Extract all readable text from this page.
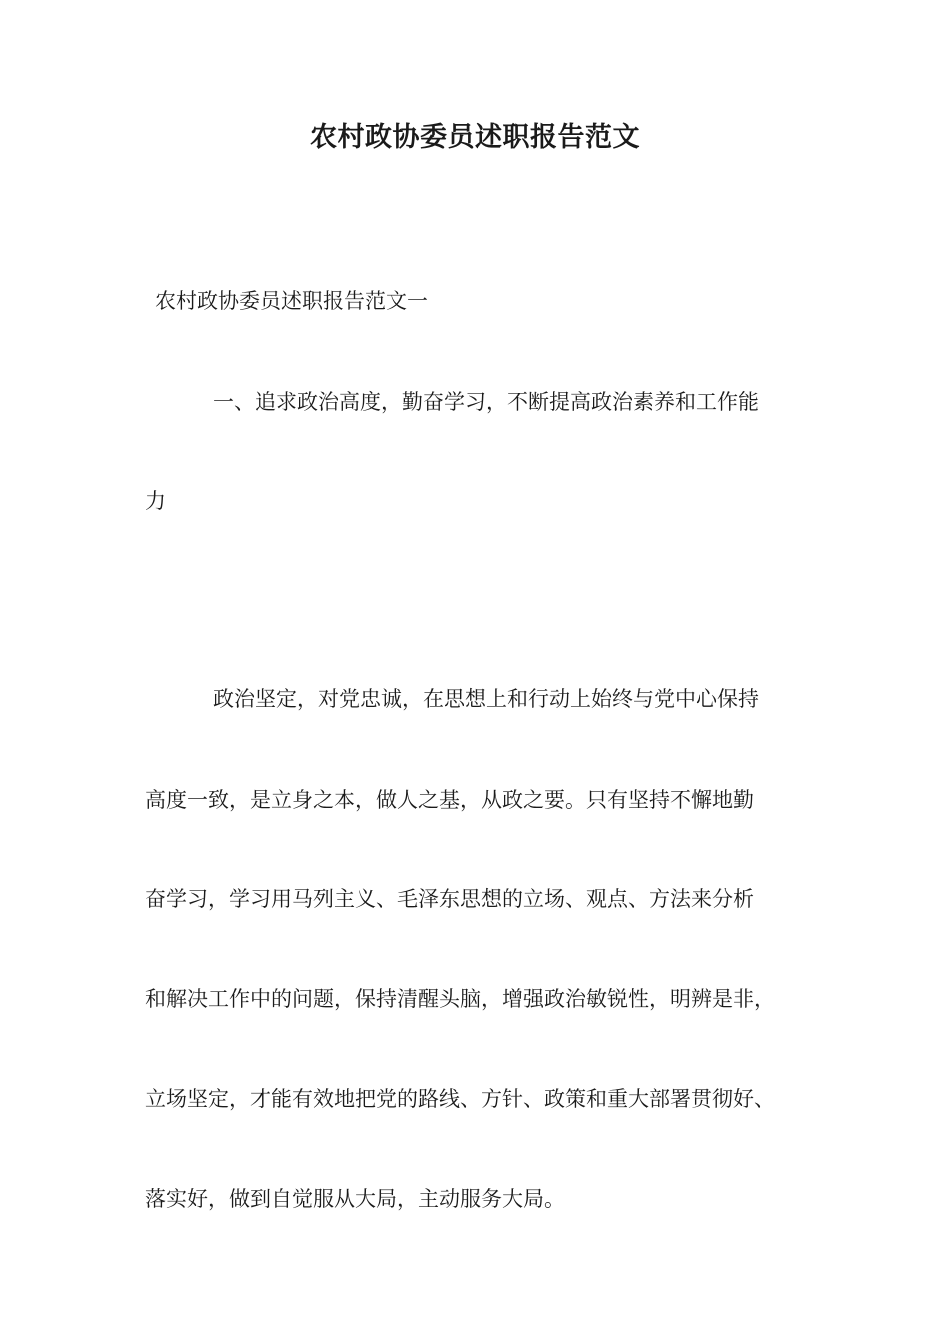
农村政协委员述职报告范文
农村政协委员述职报告范文一
一、追求政治高度，勤奋学习，不断提高政治素养和工作能
力
政治坚定，对党忠诚，在思想上和行动上始终与党中心保持
高度一致，是立身之本，做人之基，从政之要。只有坚持不懈地勤
奋学习，学习用马列主义、毛泽东思想的立场、观点、方法来分析
和解决工作中的问题，保持清醒头脑，增强政治敏锐性，明辨是非，
立场坚定，才能有效地把党的路线、方针、政策和重大部署贯彻好、
落实好，做到自觉服从大局，主动服务大局。
